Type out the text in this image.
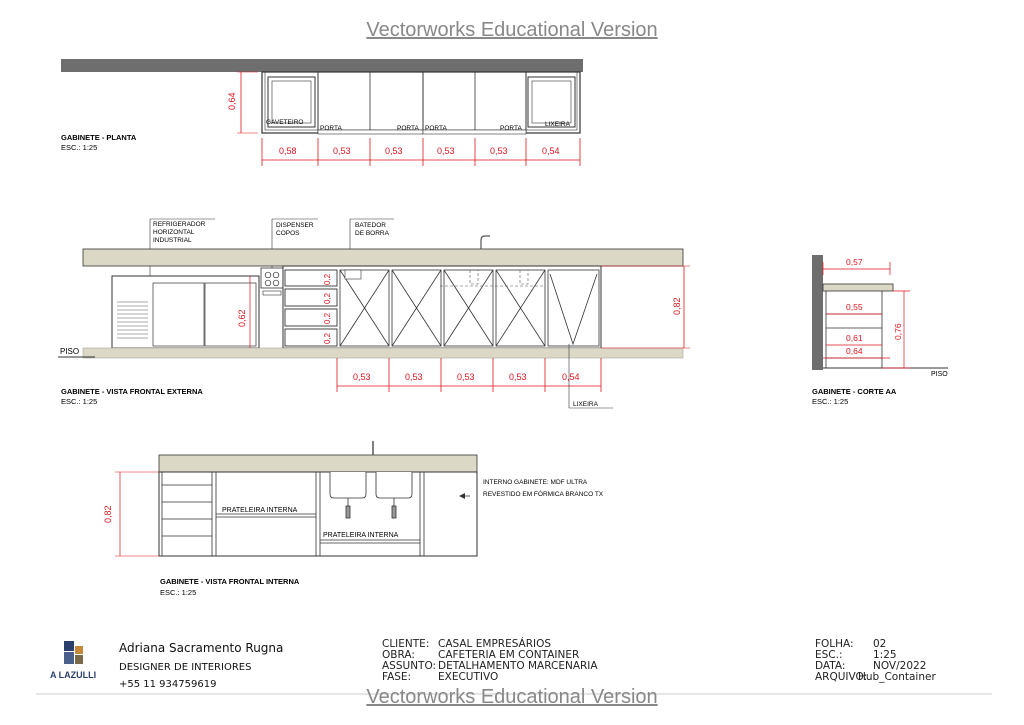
Vectorworks Educational Version
GAVETEIRO
PORTA	PORTA PORTA	PORTA
LIXEIRA
0,64
0,58	0,53	0,53	0,53	0,53	0,54
GABINETE - PLANTA
ESC.: 1:25
REFRIGERADOR
HORIZONTAL
INDUSTRIAL
DISPENSER
COPOS
BATEDOR
DE BORRA
0,2
0,2
0,2
0,2
PISO
0,62
0,82
0,53	0,53	0,53	0,53	0,54
LIXEIRA
GABINETE - VISTA FRONTAL EXTERNA
ESC.: 1:25
PISO
0,57
0,55
0,61
0,64
0,76
GABINETE - CORTE AA
ESC.: 1:25
PRATELEIRA INTERNA
PRATELEIRA INTERNA
INTERNO GABINETE: MDF ULTRA
REVESTIDO EM FÓRMICA BRANCO TX
0,82
GABINETE - VISTA FRONTAL INTERNA
ESC.: 1:25
A LAZULLI
Adriana Sacramento Rugna
DESIGNER DE INTERIORES
+55 11 934759619
CLIENTE: CASAL EMPRESÁRIOS
OBRA:	CAFETERIA EM CONTAINER
ASSUNTO: DETALHAMENTO MARCENARIA
FASE:	EXECUTIVO
FOLHA:	02
ESC.:	1:25
DATA:	NOV/2022
ARQUIVO:
Hub_Container
Vectorworks Educational Version
